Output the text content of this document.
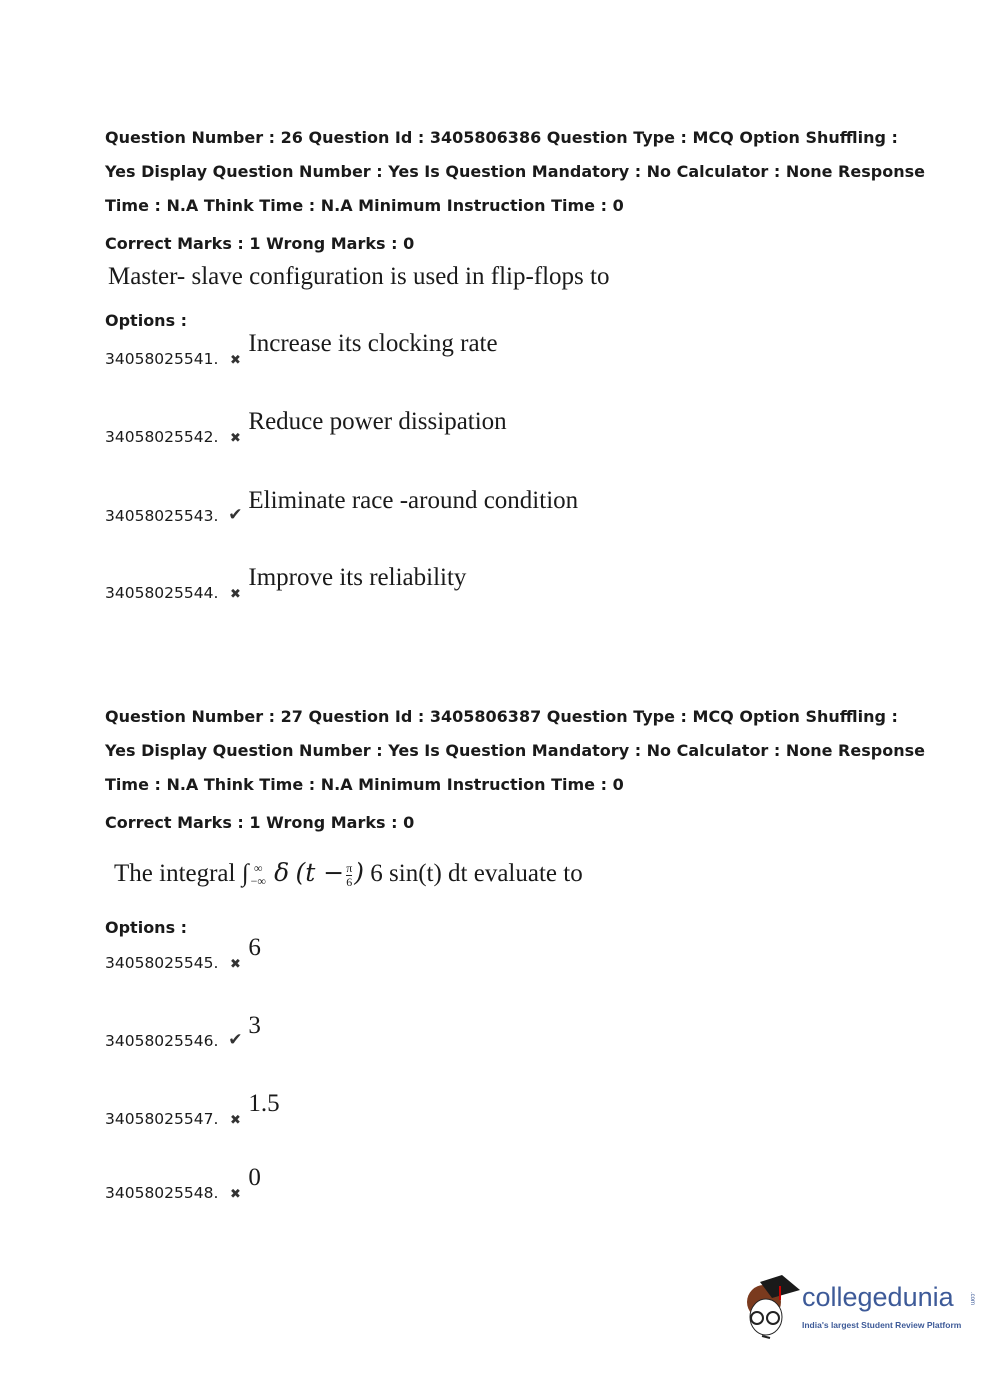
Question Number : 26 Question Id : 3405806386 Question Type : MCQ Option Shuffling : Yes Display Question Number : Yes Is Question Mandatory : No Calculator : None Response Time : N.A Think Time : N.A Minimum Instruction Time : 0
Correct Marks : 1 Wrong Marks : 0
Master- slave configuration is used in flip-flops to
Options :
34058025541. ✖
Increase its clocking rate
34058025542. ✖
Reduce power dissipation
34058025543. ✔
Eliminate race -around condition
34058025544. ✖
Improve its reliability
Question Number : 27 Question Id : 3405806387 Question Type : MCQ Option Shuffling : Yes Display Question Number : Yes Is Question Mandatory : No Calculator : None Response Time : N.A Think Time : N.A Minimum Instruction Time : 0
Correct Marks : 1 Wrong Marks : 0
The integral ∫ ∞
−∞ δ ($t - \frac{\pi}{6}$ ) 6 sin(t) dt evaluate to
Options :
34058025545. ✖
6
34058025546. ✔
3
34058025547. ✖
1.5
34058025548. ✖
0
collegedunia	.com
India's largest Student Review Platform
